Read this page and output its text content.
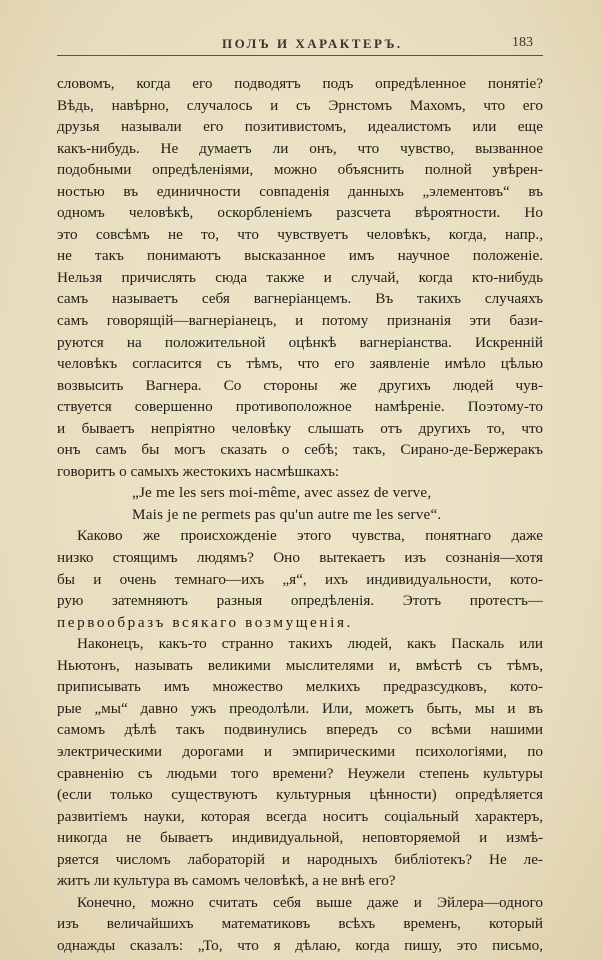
ПОЛЪ И ХАРАКТЕРЪ.	183
словомъ, когда его подводятъ подъ опредѣленное понятіе?
Вѣдь, навѣрно, случалось и съ Эрнстомъ Махомъ, что его
друзья называли его позитивистомъ, идеалистомъ или еще
какъ-нибудь. Не думаетъ ли онъ, что чувство, вызванное
подобными опредѣленіями, можно объяснить полной увѣрен-
ностью въ единичности совпаденія данныхъ „элементовъ“ въ
одномъ человѣкѣ, оскорбленіемъ разсчета вѣроятности. Но
это совсѣмъ не то, что чувствуетъ человѣкъ, когда, напр.,
не такъ понимаютъ высказанное имъ научное положеніе.
Нельзя причислять сюда также и случай, когда кто-нибудь
самъ называетъ себя вагнеріанцемъ. Въ такихъ случаяхъ
самъ говорящій—вагнеріанецъ, и потому признанія эти бази-
руются на положительной оцѣнкѣ вагнеріанства. Искренній
человѣкъ согласится съ тѣмъ, что его заявленіе имѣло цѣлью
возвысить Вагнера. Со стороны же другихъ людей чув-
ствуется совершенно противоположное намѣреніе. Поэтому-то
и бываетъ непріятно человѣку слышать отъ другихъ то, что
онъ самъ бы могъ сказать о себѣ; такъ, Сирано-де-Бержеракъ
говоритъ о самыхъ жестокихъ насмѣшкахъ:
„Je me les sers moi-même, avec assez de verve,
Mais je ne permets pas qu'un autre me les serve“.
Каково же происхожденіе этого чувства, понятнаго даже
низко стоящимъ людямъ? Оно вытекаетъ изъ сознанія—хотя
бы и очень темнаго—ихъ „я“, ихъ индивидуальности, кото-
рую затемняютъ разныя опредѣленія. Этотъ протестъ—
первообразъ всякаго возмущенія.
Наконецъ, какъ-то странно такихъ людей, какъ Паскаль или
Ньютонъ, называть великими мыслителями и, вмѣстѣ съ тѣмъ,
приписывать имъ множество мелкихъ предразсудковъ, кото-
рые „мы“ давно ужъ преодолѣли. Или, можетъ быть, мы и въ
самомъ дѣлѣ такъ подвинулись впередъ со всѣми нашими
электрическими дорогами и эмпирическими психологіями, по
сравненію съ людьми того времени? Неужели степень культуры
(если только существуютъ культурныя цѣнности) опредѣляется
развитіемъ науки, которая всегда носитъ соціальный характеръ,
никогда не бываетъ индивидуальной, неповторяемой и измѣ-
ряется числомъ лабораторій и народныхъ библіотекъ? Не ле-
житъ ли культура въ самомъ человѣкѣ, а не внѣ его?
Конечно, можно считать себя выше даже и Эйлера—одного
изъ величайшихъ математиковъ всѣхъ временъ, который
однажды сказалъ: „То, что я дѣлаю, когда пишу, это письмо,
